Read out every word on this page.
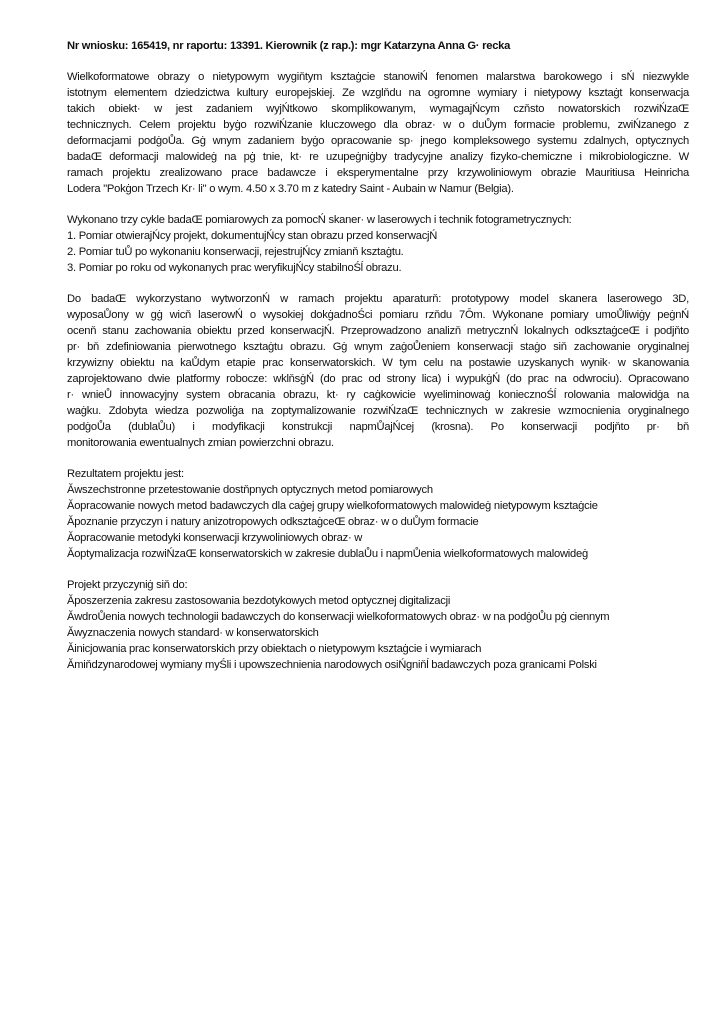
Nr wniosku: 165419, nr raportu: 13391. Kierownik (z rap.): mgr Katarzyna Anna G· recka
Wielkoformatowe obrazy o nietypowym wygiňtym ksztaġcie stanowiŃ fenomen malarstwa barokowego i sŃ niezwykle
istotnym elementem dziedzictwa kultury europejskiej. Ze wzglňdu na ogromne wymiary i nietypowy ksztaġt konserwacja
takich obiekt· w jest zadaniem wyjŃtkowo skomplikowanym, wymagajŃcym czňsto nowatorskich rozwiŃzaŒ
technicznych. Celem projektu byġo rozwiŃzanie kluczowego dla obraz· w o duŮym formacie problemu, zwiŃzanego z
deformacjami podġoŮa. Gġ wnym zadaniem byġo opracowanie sp· jnego kompleksowego systemu zdalnych, optycznych
badaŒ deformacji malowideġ na pġ tnie, kt· re uzupeġniġby tradycyjne analizy fizyko-chemiczne i mikrobiologiczne. W
ramach projektu zrealizowano prace badawcze i eksperymentalne przy krzywoliniowym obrazie Mauritiusa Heinricha
Lodera "Pokġon Trzech Kr· li" o wym. 4.50 x 3.70 m z katedry Saint - Aubain w Namur (Belgia).
Wykonano trzy cykle badaŒ pomiarowych za pomocŃ skaner· w laserowych i technik fotogrametrycznych:
1. Pomiar otwierajŃcy projekt, dokumentujŃcy stan obrazu przed konserwacjŃ
2. Pomiar tuŮ po wykonaniu konserwacji, rejestrujŃcy zmianň ksztaġtu.
3. Pomiar po roku od wykonanych prac weryfikujŃcy stabilnoŚĺ obrazu.
Do badaŒ wykorzystano wytworzonŃ w ramach projektu aparaturň: prototypowy model skanera laserowego 3D,
wyposaŮony w gġ wicň laserowŃ o wysokiej dokġadnoŚci pomiaru rzňdu 7Ōm. Wykonane pomiary umoŮliwiġy peġnŃ
ocenň stanu zachowania obiektu przed konserwacjŃ. Przeprowadzono analizň metrycznŃ lokalnych odksztaġceŒ i podjňto
pr· bň zdefiniowania pierwotnego ksztaġtu obrazu. Gġ wnym zaġoŮeniem konserwacji staġo siň zachowanie oryginalnej
krzywizny obiektu na kaŮdym etapie prac konserwatorskich. W tym celu na postawie uzyskanych wynik· w skanowania
zaprojektowano dwie platformy robocze: wklňsġŃ (do prac od strony lica) i wypukġŃ (do prac na odwrociu). Opracowano
r· wnieŮ innowacyjny system obracania obrazu, kt· ry caġkowicie wyeliminowaġ koniecznoŚĺ rolowania malowidġa na
waġku. Zdobyta wiedza pozwoliġa na zoptymalizowanie rozwiŃzaŒ technicznych w zakresie wzmocnienia oryginalnego
podġoŮa (dublaŮu) i modyfikacji konstrukcji napmŮajŃcej (krosna). Po konserwacji podjňto pr· bň
monitorowania ewentualnych zmian powierzchni obrazu.
Rezultatem projektu jest:
Ăwszechstronne przetestowanie dostňpnych optycznych metod pomiarowych
Ăopracowanie nowych metod badawczych dla caġej grupy wielkoformatowych malowideġ nietypowym ksztaġcie
Ăpoznanie przyczyn i natury anizotropowych odksztaġceŒ obraz· w o duŮym formacie
Ăopracowanie metodyki konserwacji krzywoliniowych obraz· w
Ăoptymalizacja rozwiŃzaŒ konserwatorskich w zakresie dublaŮu i napmŮenia wielkoformatowych malowideġ
Projekt przyczyniġ siň do:
Ăposzerzenia zakresu zastosowania bezdotykowych metod optycznej digitalizacji
ĂwdroŮenia nowych technologii badawczych do konserwacji wielkoformatowych obraz· w na podġoŮu pġ ciennym
Ăwyznaczenia nowych standard· w konserwatorskich
Ăinicjowania prac konserwatorskich przy obiektach o nietypowym ksztaġcie i wymiarach
Ămiňdzynarodowej wymiany myŚli i upowszechnienia narodowych osiŃgniňĺ badawczych poza granicami Polski
